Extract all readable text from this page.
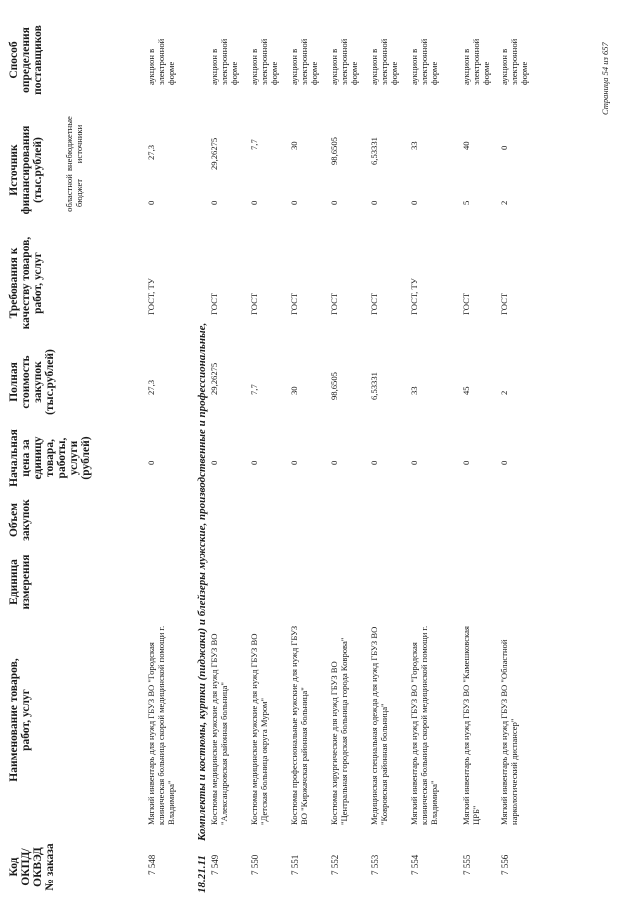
Код ОКПД/ ОКВЭД № заказа
Наименование товаров, работ, услуг
Единица измерения
Объем закупок
Начальная цена за единицу товара, работы, услуги (рублей)
Полная стоимость закупок (тыс.рублей)
Требования к качеству товаров, работ, услуг
Источник финансирования (тыс.рублей) областной бюджет
внебюджетные источники
Способ определения поставщиков
7 548
Мягкий инвентарь для нужд ГБУЗ ВО "Городская клиническая больница скорой медицинской помощи г. Владимира"
0
27,3
ГОСТ, ТУ
0
27,3
аукцион в электронной форме
18.21.11
Комплекты и костюмы, куртки (пиджаки) и блейзеры мужские, производственные и профессиональные,
7 549
Костюмы медицинские мужские для нужд ГБУЗ ВО "Александровская районная больница"
0
29,26275
ГОСТ
0
29,26275
аукцион в электронной форме
7 550
Костюмы медицинские мужские для нужд ГБУЗ ВО "Детская больница округа Муром"
0
7,7
ГОСТ
0
7,7
аукцион в электронной форме
7 551
Костюмы профессиональные мужские для нужд ГБУЗ ВО "Киржачская районная больница"
0
30
ГОСТ
0
30
аукцион в электронной форме
7 552
Костюмы хирургические для нужд ГБУЗ ВО "Центральная городская больница города Коврова"
0
98,6505
ГОСТ
0
98,6505
аукцион в электронной форме
7 553
Медицинская специальная одежда для нужд ГБУЗ ВО "Ковровская районная больница"
0
6,53331
ГОСТ
0
6,53331
аукцион в электронной форме
7 554
Мягкий инвентарь для нужд ГБУЗ ВО "Городская клиническая больница скорой медицинской помощи г. Владимира"
0
33
ГОСТ, ТУ
0
33
аукцион в электронной форме
7 555
Мягкий инвентарь для нужд ГБУЗ ВО "Камешковская ЦРБ"
0
45
ГОСТ
5
40
аукцион в электронной форме
7 556
Мягкий инвентарь для нужд ГБУЗ ВО "Областной наркологический диспансер"
0
2
ГОСТ
2
0
аукцион в электронной форме	Страница 54 из 657
